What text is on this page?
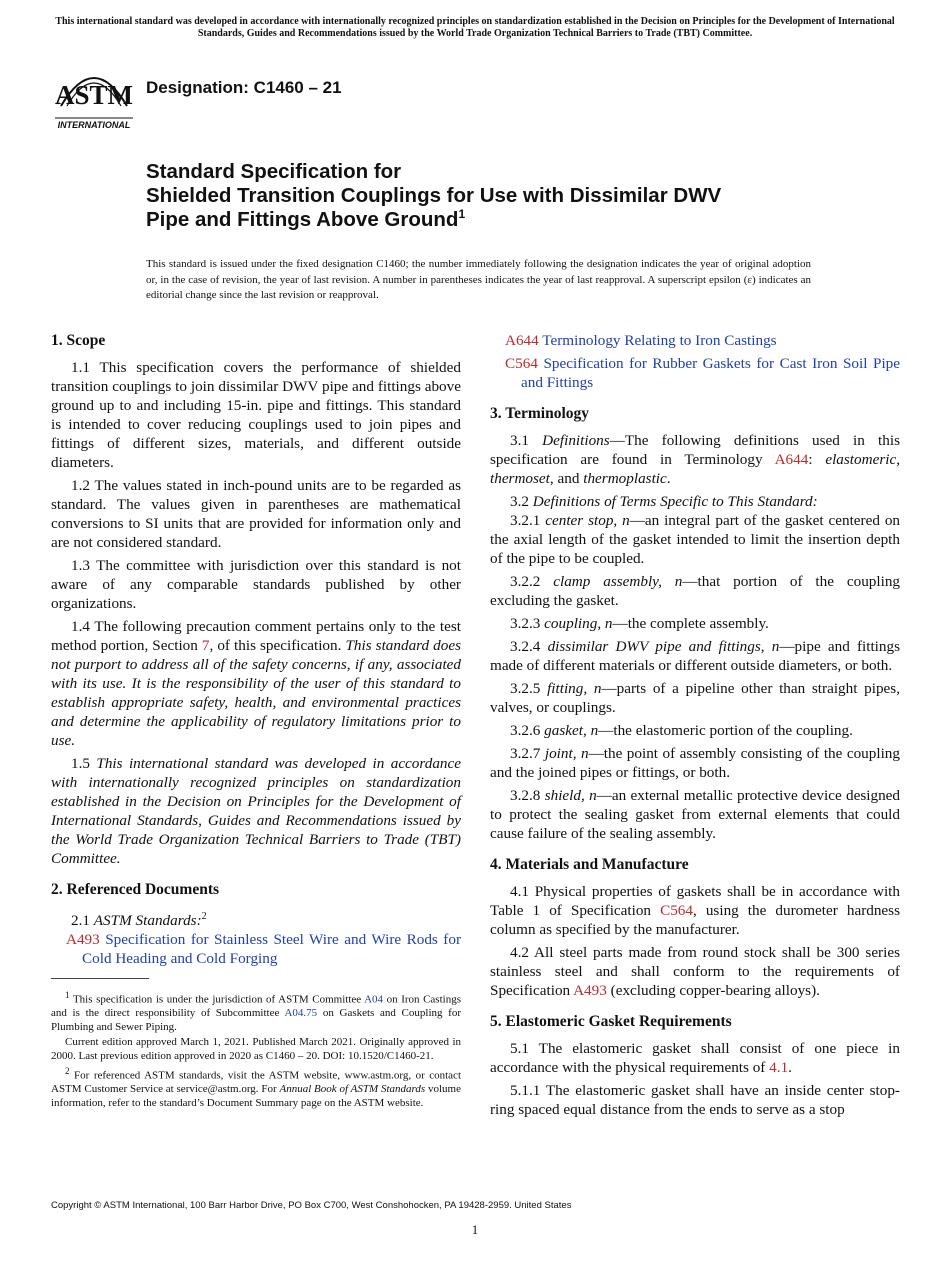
This international standard was developed in accordance with internationally recognized principles on standardization established in the Decision on Principles for the Development of International Standards, Guides and Recommendations issued by the World Trade Organization Technical Barriers to Trade (TBT) Committee.
ASTM
INTERNATIONAL
Designation: C1460 – 21
Standard Specification for
Shielded Transition Couplings for Use with Dissimilar DWV
Pipe and Fittings Above Ground$^1$
This standard is issued under the fixed designation C1460; the number immediately following the designation indicates the year of original adoption or, in the case of revision, the year of last revision. A number in parentheses indicates the year of last reapproval. A superscript epsilon (ε) indicates an editorial change since the last revision or reapproval.
1. Scope

1.1 This specification covers the performance of shielded transition couplings to join dissimilar DWV pipe and fittings above ground up to and including 15-in. pipe and fittings. This standard is intended to cover reducing couplings used to join pipes and fittings of different sizes, materials, and different outside diameters.

1.2 The values stated in inch-pound units are to be regarded as standard. The values given in parentheses are mathematical conversions to SI units that are provided for information only and are not considered standard.

1.3 The committee with jurisdiction over this standard is not aware of any comparable standards published by other organizations.

1.4 The following precaution comment pertains only to the test method portion, Section 7, of this specification. This standard does not purport to address all of the safety concerns, if any, associated with its use. It is the responsibility of the user of this standard to establish appropriate safety, health, and environmental practices and determine the applicability of regulatory limitations prior to use.

1.5 This international standard was developed in accordance with internationally recognized principles on standardization established in the Decision on Principles for the Development of International Standards, Guides and Recommendations issued by the World Trade Organization Technical Barriers to Trade (TBT) Committee.

2. Referenced Documents

2.1 ASTM Standards:$^2$

A493 Specification for Stainless Steel Wire and Wire Rods for Cold Heading and Cold Forging

$^1$ This specification is under the jurisdiction of ASTM Committee A04 on Iron Castings and is the direct responsibility of Subcommittee A04.75 on Gaskets and Coupling for Plumbing and Sewer Piping.

Current edition approved March 1, 2021. Published March 2021. Originally approved in 2000. Last previous edition approved in 2020 as C1460 – 20. DOI: 10.1520/C1460-21.

$^2$ For referenced ASTM standards, visit the ASTM website, www.astm.org, or contact ASTM Customer Service at service@astm.org. For Annual Book of ASTM Standards volume information, refer to the standard’s Document Summary page on the ASTM website.

A644 Terminology Relating to Iron Castings

C564 Specification for Rubber Gaskets for Cast Iron Soil Pipe and Fittings

3. Terminology

3.1 Definitions—The following definitions used in this specification are found in Terminology A644: elastomeric, thermoset, and thermoplastic.

3.2 Definitions of Terms Specific to This Standard:

3.2.1 center stop, n—an integral part of the gasket centered on the axial length of the gasket intended to limit the insertion depth of the pipe to be coupled.

3.2.2 clamp assembly, n—that portion of the coupling excluding the gasket.

3.2.3 coupling, n—the complete assembly.

3.2.4 dissimilar DWV pipe and fittings, n—pipe and fittings made of different materials or different outside diameters, or both.

3.2.5 fitting, n—parts of a pipeline other than straight pipes, valves, or couplings.

3.2.6 gasket, n—the elastomeric portion of the coupling.

3.2.7 joint, n—the point of assembly consisting of the coupling and the joined pipes or fittings, or both.

3.2.8 shield, n—an external metallic protective device designed to protect the sealing gasket from external elements that could cause failure of the sealing assembly.

4. Materials and Manufacture

4.1 Physical properties of gaskets shall be in accordance with Table 1 of Specification C564, using the durometer hardness column as specified by the manufacturer.

4.2 All steel parts made from round stock shall be 300 series stainless steel and shall conform to the requirements of Specification A493 (excluding copper-bearing alloys).

5. Elastomeric Gasket Requirements

5.1 The elastomeric gasket shall consist of one piece in accordance with the physical requirements of 4.1.

5.1.1 The elastomeric gasket shall have an inside center stop-ring spaced equal distance from the ends to serve as a stop

Copyright © ASTM International, 100 Barr Harbor Drive, PO Box C700, West Conshohocken, PA 19428-2959. United States
1
